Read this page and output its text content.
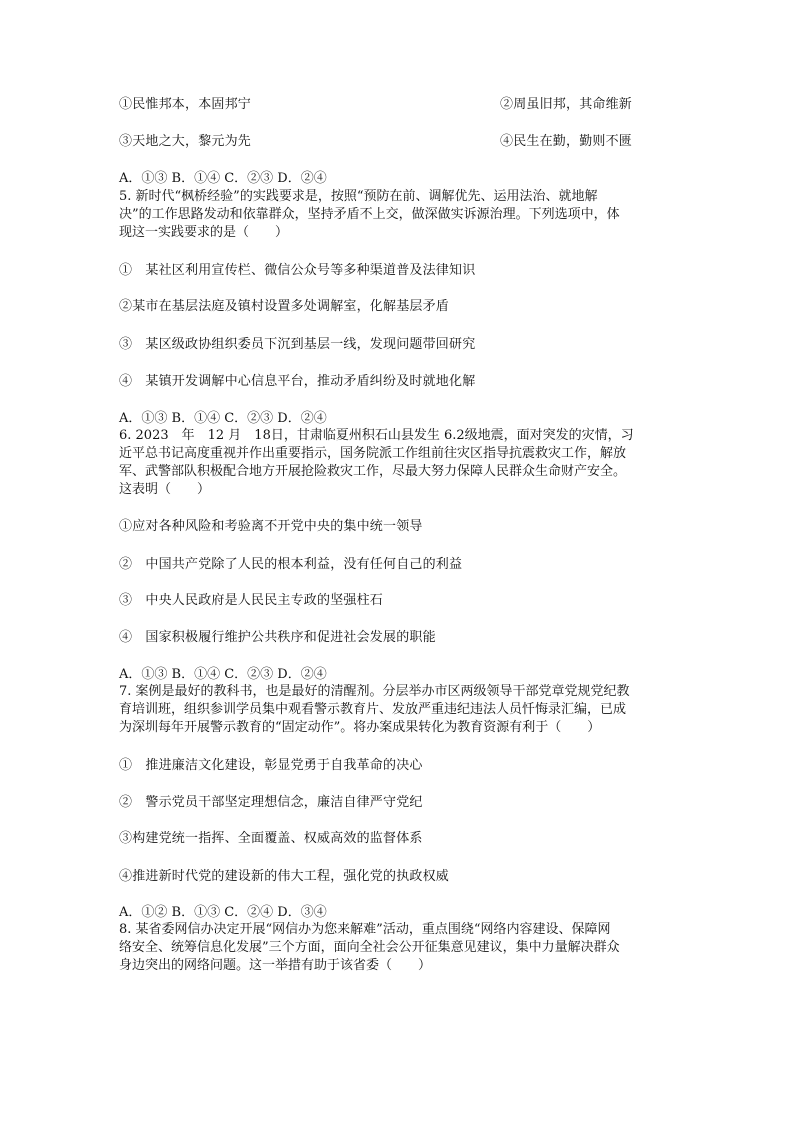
①民惟邦本，本固邦宁	②周虽旧邦，其命维新
③天地之大，黎元为先	④民生在勤，勤则不匮
A．①③ B．①④ C．②③ D．②④
5. 新时代“枫桥经验”的实践要求是，按照“预防在前、调解优先、运用法治、就地解
决”的工作思路发动和依靠群众，坚持矛盾不上交，做深做实诉源治理。下列选项中，体
现这一实践要求的是（　　）
①　某社区利用宣传栏、微信公众号等多种渠道普及法律知识
②某市在基层法庭及镇村设置多处调解室，化解基层矛盾
③　某区级政协组织委员下沉到基层一线，发现问题带回研究
④　某镇开发调解中心信息平台，推动矛盾纠纷及时就地化解
A．①③ B．①④ C．②③ D．②④
6. 2023　年　12 月　18日，甘肃临夏州积石山县发生 6.2级地震，面对突发的灾情，习
近平总书记高度重视并作出重要指示，国务院派工作组前往灾区指导抗震救灾工作，解放
军、武警部队积极配合地方开展抢险救灾工作，尽最大努力保障人民群众生命财产安全。
这表明（　　）
①应对各种风险和考验离不开党中央的集中统一领导
②　中国共产党除了人民的根本利益，没有任何自己的利益
③　中央人民政府是人民民主专政的坚强柱石
④　国家积极履行维护公共秩序和促进社会发展的职能
A．①③ B．①④ C．②③ D．②④
7. 案例是最好的教科书，也是最好的清醒剂。分层举办市区两级领导干部党章党规党纪教
育培训班，组织参训学员集中观看警示教育片、发放严重违纪违法人员忏悔录汇编，已成
为深圳每年开展警示教育的“固定动作”。将办案成果转化为教育资源有利于（　　）
①　推进廉洁文化建设，彰显党勇于自我革命的决心
②　警示党员干部坚定理想信念，廉洁自律严守党纪
③构建党统一指挥、全面覆盖、权威高效的监督体系
④推进新时代党的建设新的伟大工程，强化党的执政权威
A．①② B．①③ C．②④ D．③④
8. 某省委网信办决定开展“网信办为您来解难”活动，重点围绕“网络内容建设、保障网
络安全、统筹信息化发展”三个方面，面向全社会公开征集意见建议，集中力量解决群众
身边突出的网络问题。这一举措有助于该省委（　　）
